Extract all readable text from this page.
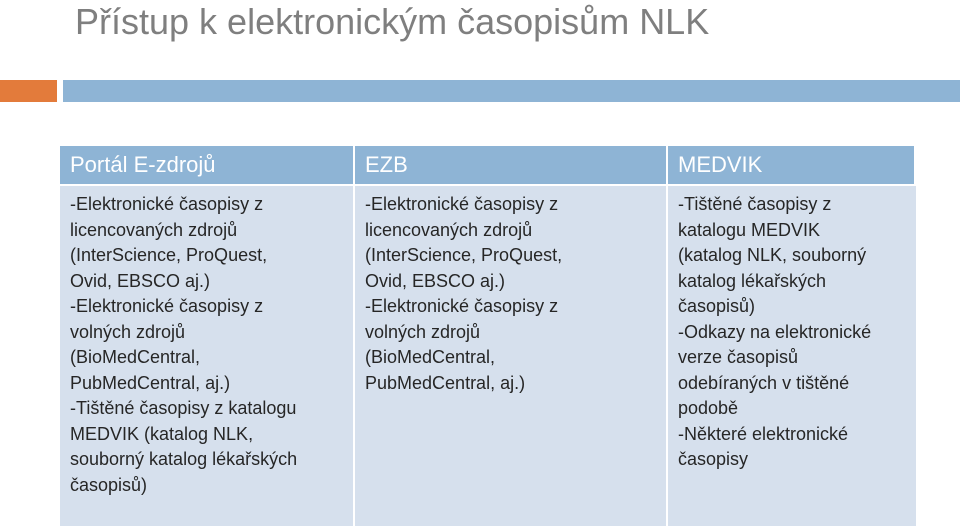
Přístup k elektronickým časopisům NLK
Portál E-zdrojů	EZB	MEDVIK
-Elektronické časopisy z
licencovaných zdrojů
(InterScience, ProQuest,
Ovid, EBSCO aj.)
-Elektronické časopisy z
volných zdrojů
(BioMedCentral,
PubMedCentral, aj.)
-Tištěné časopisy z katalogu
MEDVIK (katalog NLK,
souborný katalog lékařských
časopisů)
-Elektronické časopisy z
licencovaných zdrojů
(InterScience, ProQuest,
Ovid, EBSCO aj.)
-Elektronické časopisy z
volných zdrojů
(BioMedCentral,
PubMedCentral, aj.)
-Tištěné časopisy z
katalogu MEDVIK
(katalog NLK, souborný
katalog lékařských
časopisů)
-Odkazy na elektronické
verze časopisů
odebíraných v tištěné
podobě
-Některé elektronické
časopisy
